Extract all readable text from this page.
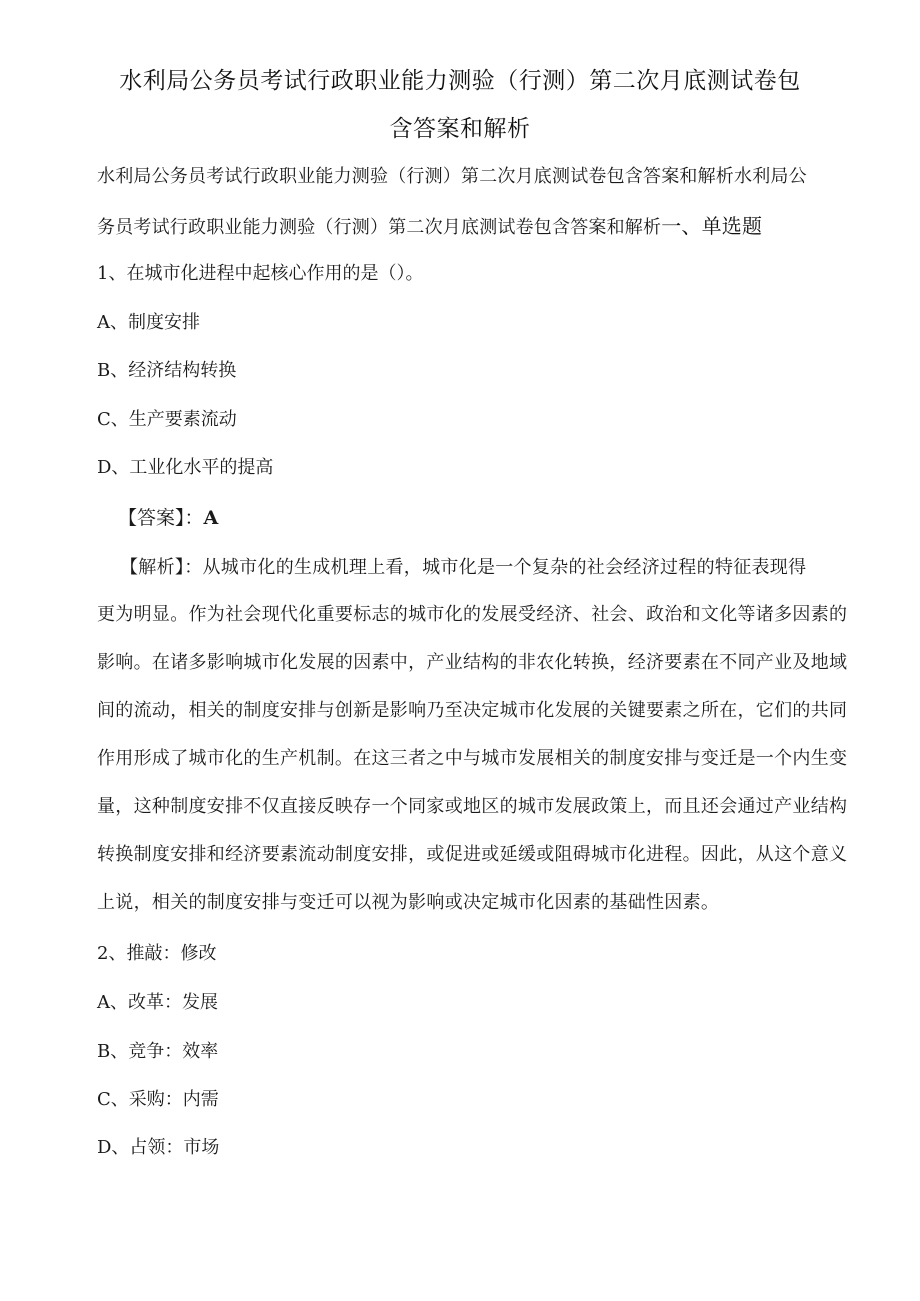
水利局公务员考试行政职业能力测验（行测）第二次月底测试卷包
含答案和解析
水利局公务员考试行政职业能力测验（行测）第二次月底测试卷包含答案和解析水利局公
务员考试行政职业能力测验（行测）第二次月底测试卷包含答案和解析一、单选题
1、在城市化进程中起核心作用的是（）。
A、制度安排
B、经济结构转换
C、生产要素流动
D、工业化水平的提高
【答案】：A
【解析】：从城市化的生成机理上看，城市化是一个复杂的社会经济过程的特征表现得
更为明显。作为社会现代化重要标志的城市化的发展受经济、社会、政治和文化等诸多因素的
影响。在诸多影响城市化发展的因素中，产业结构的非农化转换，经济要素在不同产业及地域
间的流动，相关的制度安排与创新是影响乃至决定城市化发展的关键要素之所在，它们的共同
作用形成了城市化的生产机制。在这三者之中与城市发展相关的制度安排与变迁是一个内生变
量，这种制度安排不仅直接反映存一个同家或地区的城市发展政策上，而且还会通过产业结构
转换制度安排和经济要素流动制度安排，或促进或延缓或阻碍城市化进程。因此，从这个意义
上说，相关的制度安排与变迁可以视为影响或决定城市化因素的基础性因素。
2、推敲：修改
A、改革：发展
B、竞争：效率
C、采购：内需
D、占领：市场
